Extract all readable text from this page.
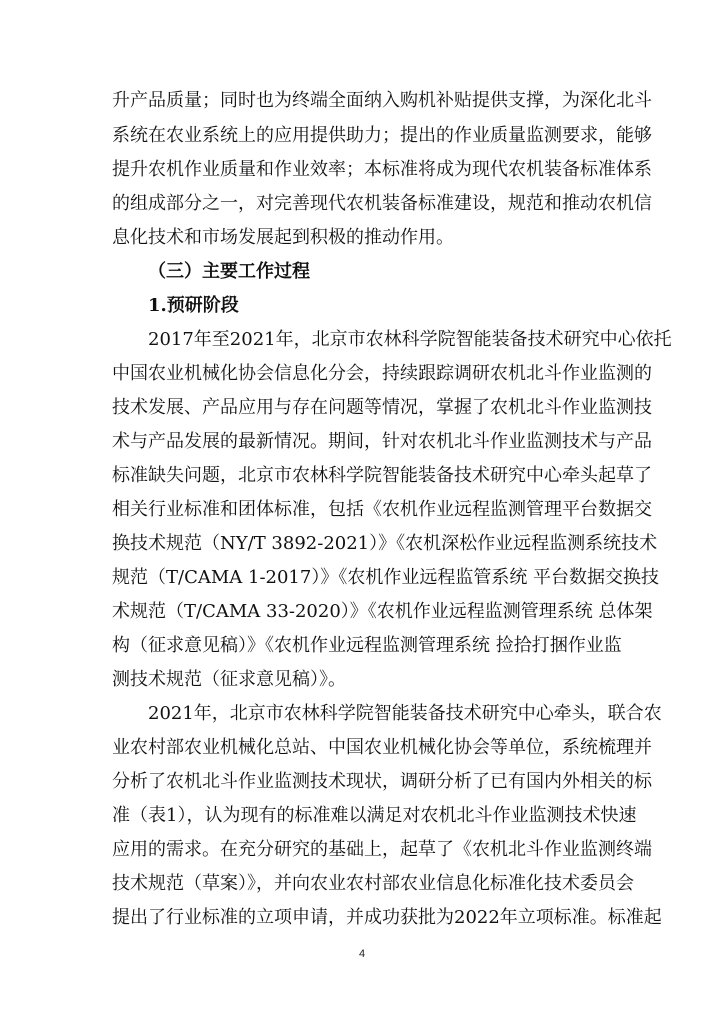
升产品质量；同时也为终端全面纳入购机补贴提供支撑，为深化北斗
系统在农业系统上的应用提供助力；提出的作业质量监测要求，能够
提升农机作业质量和作业效率；本标准将成为现代农机装备标准体系
的组成部分之一，对完善现代农机装备标准建设，规范和推动农机信
息化技术和市场发展起到积极的推动作用。
（三）主要工作过程
1.预研阶段
2017年至2021年，北京市农林科学院智能装备技术研究中心依托
中国农业机械化协会信息化分会，持续跟踪调研农机北斗作业监测的
技术发展、产品应用与存在问题等情况，掌握了农机北斗作业监测技
术与产品发展的最新情况。期间，针对农机北斗作业监测技术与产品
标准缺失问题，北京市农林科学院智能装备技术研究中心牵头起草了
相关行业标准和团体标准，包括《农机作业远程监测管理平台数据交
换技术规范（NY/T 3892-2021）》《农机深松作业远程监测系统技术
规范（T/CAMA 1-2017）》《农机作业远程监管系统 平台数据交换技
术规范（T/CAMA 33-2020）》《农机作业远程监测管理系统 总体架
构（征求意见稿）》《农机作业远程监测管理系统 捡拾打捆作业监
测技术规范（征求意见稿）》。
2021年，北京市农林科学院智能装备技术研究中心牵头，联合农
业农村部农业机械化总站、中国农业机械化协会等单位，系统梳理并
分析了农机北斗作业监测技术现状，调研分析了已有国内外相关的标
准（表1），认为现有的标准难以满足对农机北斗作业监测技术快速
应用的需求。在充分研究的基础上，起草了《农机北斗作业监测终端
技术规范（草案）》，并向农业农村部农业信息化标准化技术委员会
提出了行业标准的立项申请，并成功获批为2022年立项标准。标准起
4
